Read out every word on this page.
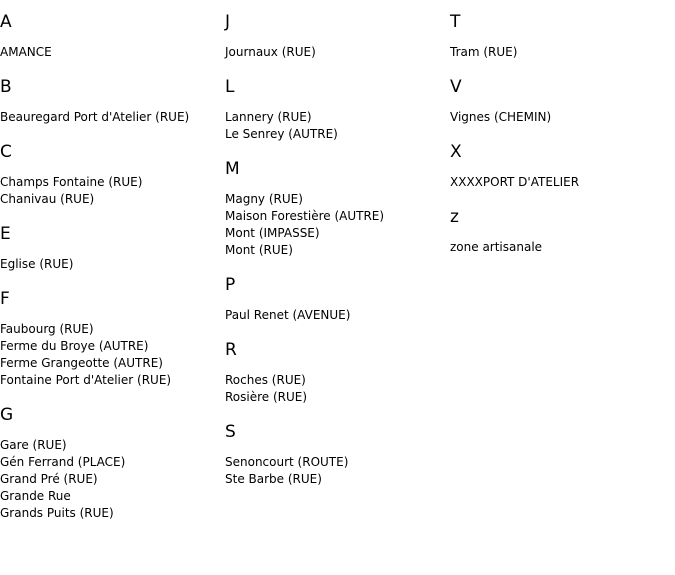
A
AMANCE
B
Beauregard Port d'Atelier (RUE)
C
Champs Fontaine (RUE)
Chanivau (RUE)
E
Eglise (RUE)
F
Faubourg (RUE)
Ferme du Broye (AUTRE)
Ferme Grangeotte (AUTRE)
Fontaine Port d'Atelier (RUE)
G
Gare (RUE)
Gén Ferrand (PLACE)
Grand Pré (RUE)
Grande Rue
Grands Puits (RUE)
J
Journaux (RUE)
L
Lannery (RUE)
Le Senrey (AUTRE)
M
Magny (RUE)
Maison Forestière (AUTRE)
Mont (IMPASSE)
Mont (RUE)
P
Paul Renet (AVENUE)
R
Roches (RUE)
Rosière (RUE)
S
Senoncourt (ROUTE)
Ste Barbe (RUE)
T
Tram (RUE)
V
Vignes (CHEMIN)
X
XXXXPORT D'ATELIER
z
zone artisanale
